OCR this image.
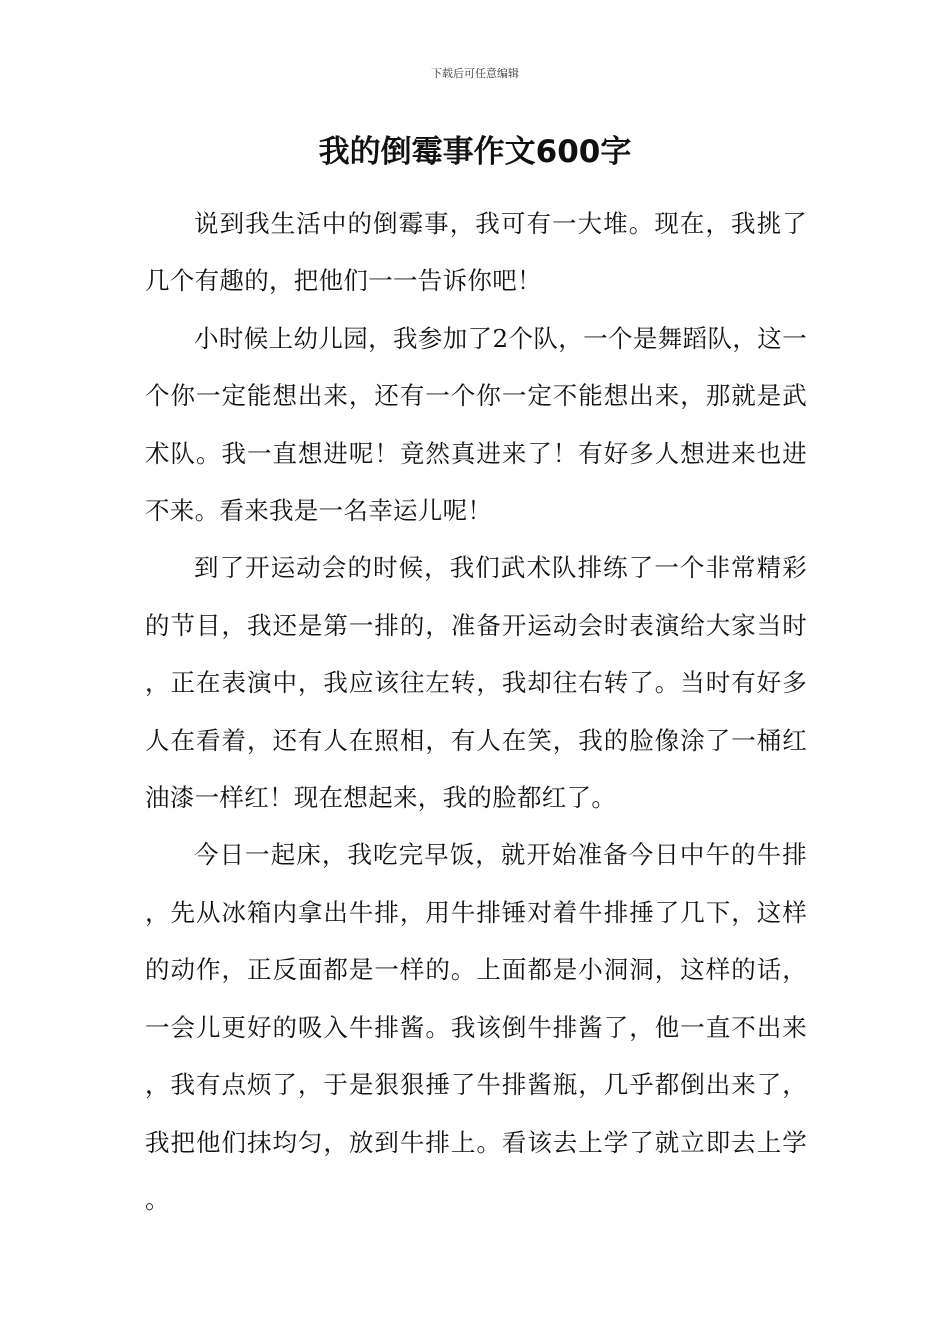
下载后可任意编辑
我的倒霉事作文600字

说到我生活中的倒霉事，我可有一大堆。现在，我挑了几个有趣的，把他们一一告诉你吧！

小时候上幼儿园，我参加了2个队，一个是舞蹈队，这一个你一定能想出来，还有一个你一定不能想出来，那就是武术队。我一直想进呢！竟然真进来了！有好多人想进来也进不来。看来我是一名幸运儿呢！

到了开运动会的时候，我们武术队排练了一个非常精彩的节目，我还是第一排的，准备开运动会时表演给大家当时，正在表演中，我应该往左转，我却往右转了。当时有好多人在看着，还有人在照相，有人在笑，我的脸像涂了一桶红油漆一样红！现在想起来，我的脸都红了。

今日一起床，我吃完早饭，就开始准备今日中午的牛排，先从冰箱内拿出牛排，用牛排锤对着牛排捶了几下，这样的动作，正反面都是一样的。上面都是小洞洞，这样的话，一会儿更好的吸入牛排酱。我该倒牛排酱了，他一直不出来，我有点烦了，于是狠狠捶了牛排酱瓶，几乎都倒出来了，我把他们抹均匀，放到牛排上。看该去上学了就立即去上学。
